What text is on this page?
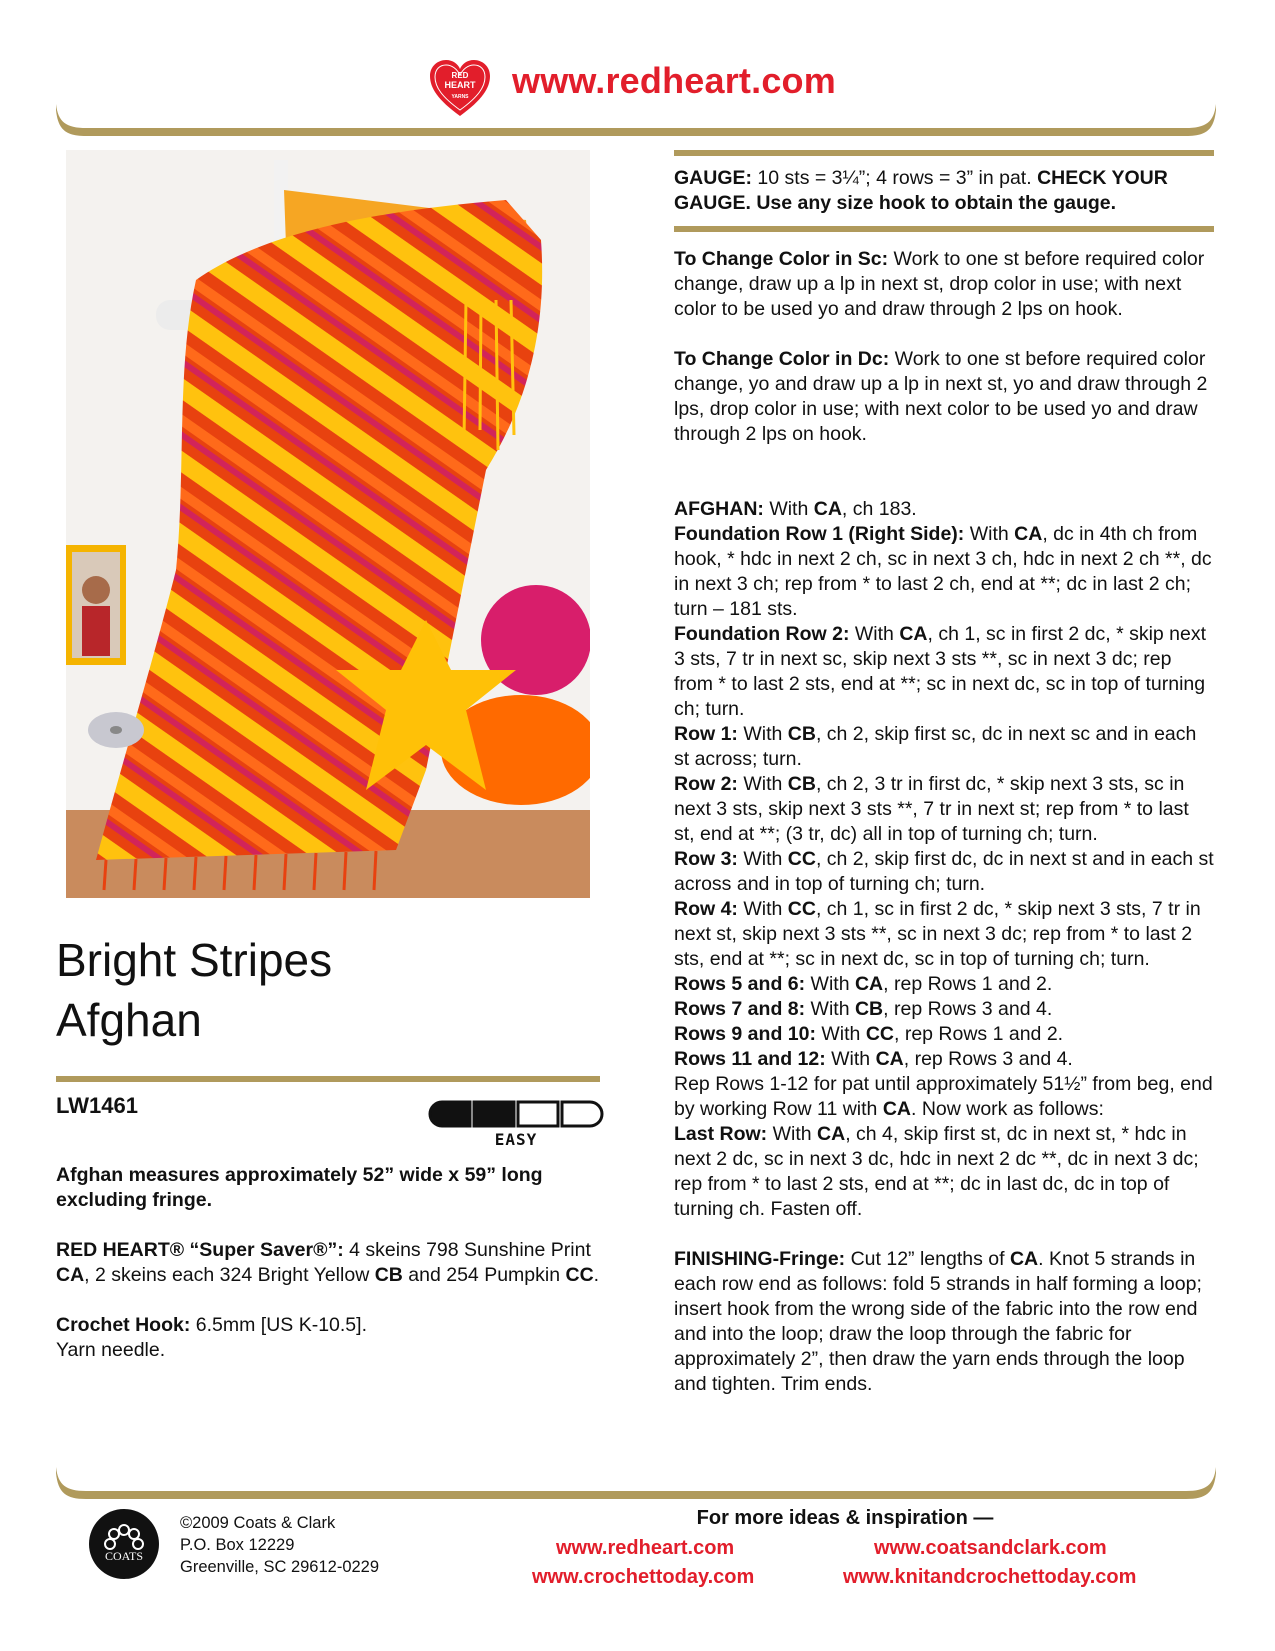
RED
HEART
YARNS www.redheart.com
Bright Stripes
Afghan
LW1461
EASY

Afghan measures approximately 52” wide x 59” long excluding fringe.

RED HEART® “Super Saver®”: 4 skeins 798 Sunshine Print CA, 2 skeins each 324 Bright Yellow CB and 254 Pumpkin CC.

Crochet Hook: 6.5mm [US K-10.5].
Yarn needle.

GAUGE: 10 sts = 3¼”; 4 rows = 3” in pat. CHECK YOUR GAUGE. Use any size hook to obtain the gauge.

To Change Color in Sc: Work to one st before required color change, draw up a lp in next st, drop color in use; with next color to be used yo and draw through 2 lps on hook.

To Change Color in Dc: Work to one st before required color change, yo and draw up a lp in next st, yo and draw through 2 lps, drop color in use; with next color to be used yo and draw through 2 lps on hook.

AFGHAN: With CA, ch 183.

Foundation Row 1 (Right Side): With CA, dc in 4th ch from hook, * hdc in next 2 ch, sc in next 3 ch, hdc in next 2 ch **, dc in next 3 ch; rep from * to last 2 ch, end at **; dc in last 2 ch; turn – 181 sts.

Foundation Row 2: With CA, ch 1, sc in first 2 dc, * skip next 3 sts, 7 tr in next sc, skip next 3 sts **, sc in next 3 dc; rep from * to last 2 sts, end at **; sc in next dc, sc in top of turning ch; turn.

Row 1: With CB, ch 2, skip first sc, dc in next sc and in each st across; turn.

Row 2: With CB, ch 2, 3 tr in first dc, * skip next 3 sts, sc in next 3 sts, skip next 3 sts **, 7 tr in next st; rep from * to last st, end at **; (3 tr, dc) all in top of turning ch; turn.

Row 3: With CC, ch 2, skip first dc, dc in next st and in each st across and in top of turning ch; turn.

Row 4: With CC, ch 1, sc in first 2 dc, * skip next 3 sts, 7 tr in next st, skip next 3 sts **, sc in next 3 dc; rep from * to last 2 sts, end at **; sc in next dc, sc in top of turning ch; turn.

Rows 5 and 6: With CA, rep Rows 1 and 2.

Rows 7 and 8: With CB, rep Rows 3 and 4.

Rows 9 and 10: With CC, rep Rows 1 and 2.

Rows 11 and 12: With CA, rep Rows 3 and 4.

Rep Rows 1-12 for pat until approximately 51½” from beg, end by working Row 11 with CA. Now work as follows:

Last Row: With CA, ch 4, skip first st, dc in next st, * hdc in next 2 dc, sc in next 3 dc, hdc in next 2 dc **, dc in next 3 dc; rep from * to last 2 sts, end at **; dc in last dc, dc in top of turning ch. Fasten off.

FINISHING-Fringe: Cut 12” lengths of CA. Knot 5 strands in each row end as follows: fold 5 strands in half forming a loop; insert hook from the wrong side of the fabric into the row end and into the loop; draw the loop through the fabric for approximately 2”, then draw the yarn ends through the loop and tighten. Trim ends.

COATS
©2009 Coats & Clark
P.O. Box 12229
Greenville, SC 29612-0229
For more ideas & inspiration —
www.redheart.com	www.coatsandclark.com
www.crochettoday.com	www.knitandcrochettoday.com
